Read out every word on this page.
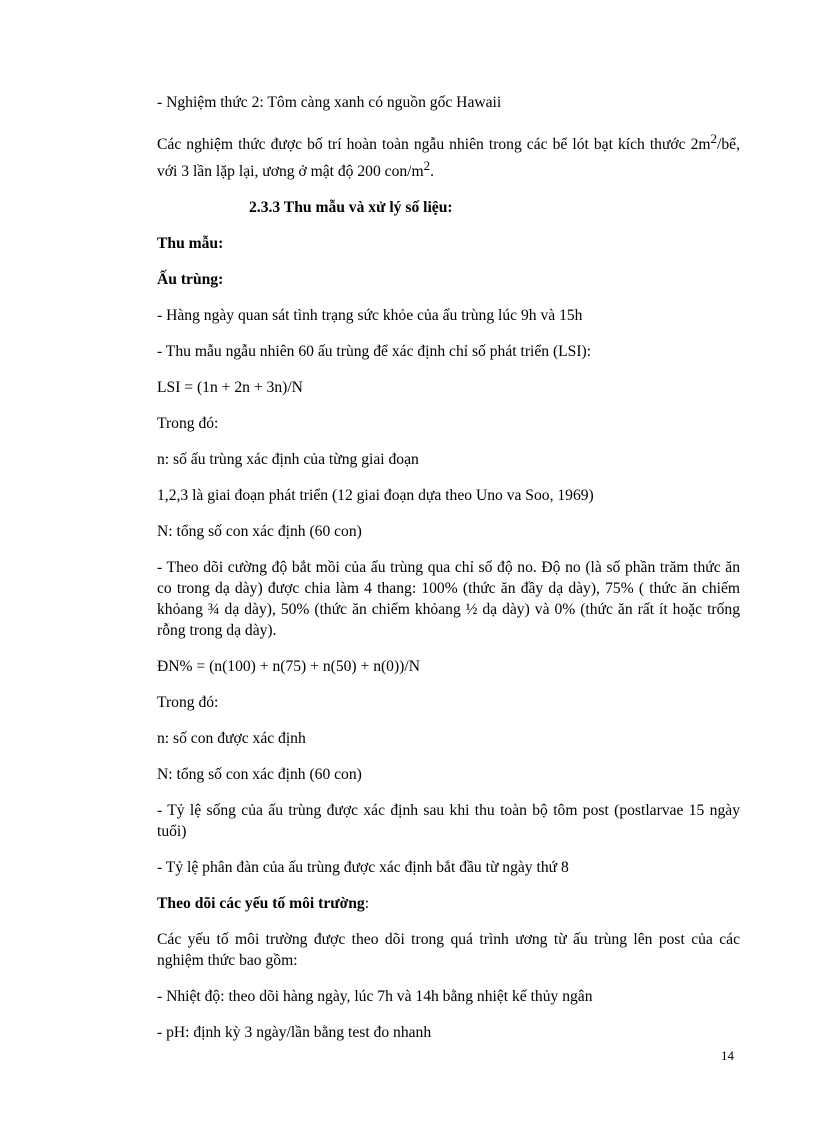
- Nghiệm thức 2: Tôm càng xanh có nguồn gốc Hawaii

Các nghiệm thức được bố trí hoàn toàn ngẫu nhiên trong các bể lót bạt kích thước $2m^2/bể$, với 3 lần lặp lại, ương ở mật độ 200 con/$m^2$.

2.3.3 Thu mẫu và xử lý số liệu:

Thu mẫu:

Ấu trùng:

- Hàng ngày quan sát tình trạng sức khỏe của ấu trùng lúc 9h và 15h

- Thu mẫu ngẫu nhiên 60 ấu trùng để xác định chỉ số phát triển (LSI):

LSI = (1n + 2n + 3n)/N

Trong đó:

n: số ấu trùng xác định của từng giai đoạn

1,2,3 là giai đoạn phát triển (12 giai đoạn dựa theo Uno va Soo, 1969)

N: tổng số con xác định (60 con)

- Theo dõi cường độ bắt mồi của ấu trùng qua chỉ số độ no. Độ no (là số phần trăm thức ăn co trong dạ dày) được chia làm 4 thang: 100% (thức ăn đầy dạ dày), 75% ( thức ăn chiếm khỏang ¾ dạ dày), 50% (thức ăn chiếm khỏang ½ dạ dày) và 0% (thức ăn rất ít hoặc trống rỗng trong dạ dày).

ĐN% = (n(100) + n(75) + n(50) + n(0))/N

Trong đó:

n: số con được xác định

N: tổng số con xác định (60 con)

- Tỷ lệ sống của ấu trùng được xác định sau khi thu toàn bộ tôm post (postlarvae 15 ngày tuổi)

- Tỷ lệ phân đàn của ấu trùng được xác định bắt đầu từ ngày thứ 8

Theo dõi các yếu tố môi trường:

Các yếu tố môi trường được theo dõi trong quá trình ương từ ấu trùng lên post của các nghiệm thức bao gồm:

- Nhiệt độ: theo dõi hàng ngày, lúc 7h và 14h bằng nhiệt kế thủy ngân

- pH: định kỳ 3 ngày/lần bằng test đo nhanh

14
